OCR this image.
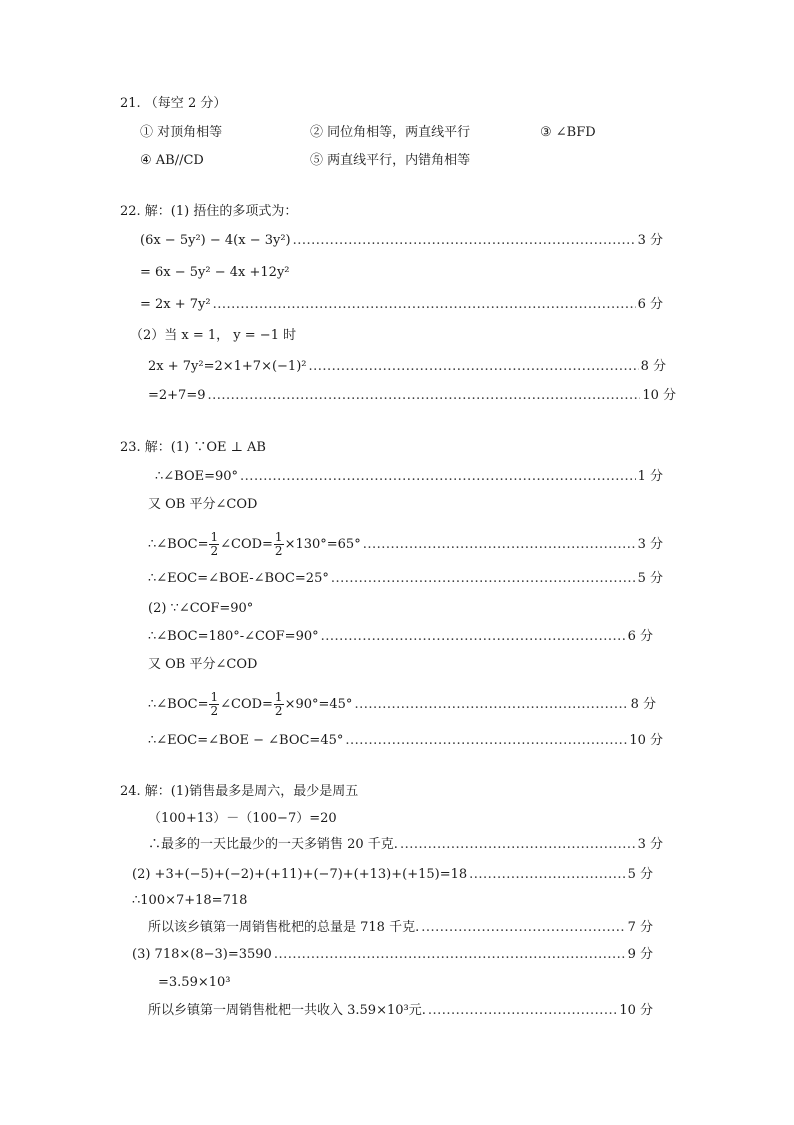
21. （每空 2 分）
① 对顶角相等	② 同位角相等，两直线平行	③ ∠BFD
④ AB//CD	⑤ 两直线平行，内错角相等
22. 解：(1) 捂住的多项式为：
(6x − 5y²) − 4(x − 3y²) .....	3 分
= 6x − 5y² − 4x +12y²
= 2x + 7y² .....	6 分
（2）当 x = 1， y = −1 时
2x + 7y²=2×1+7×(−1)² .....	8 分
=2+7=9 .....	10 分
23. 解：(1) ∵OE ⊥ AB
∴∠BOE=90° .....	1 分
又 OB 平分∠COD
∴∠BOC= $\frac{1}{2}$ ∠COD= $\frac{1}{2} \times 130^\circ=65^\circ$ .....	3 分
∴∠EOC=∠BOE-∠BOC=25° .....	5 分
(2) ∵∠COF=90°
∴∠BOC=180°-∠COF=90° .....	6 分
又 OB 平分∠COD
∴∠BOC= $\frac{1}{2}$ ∠COD= $\frac{1}{2} \times 90^\circ=45^\circ$ .....	8 分
∴∠EOC=∠BOE − ∠BOC=45° .....	10 分
24. 解：(1)销售最多是周六，最少是周五
（100+13）－（100−7）=20
∴最多的一天比最少的一天多销售 20 千克. .....	3 分
(2) +3+(−5)+(−2)+(+11)+(−7)+(+13)+(+15)=18 .....	5 分
∴100×7+18=718
所以该乡镇第一周销售枇杷的总量是 718 千克. .....	7 分
(3) 718×(8−3)=3590 .....	9 分
=3.59×10³
所以乡镇第一周销售枇杷一共收入 3.59×10³元. .....	10 分
